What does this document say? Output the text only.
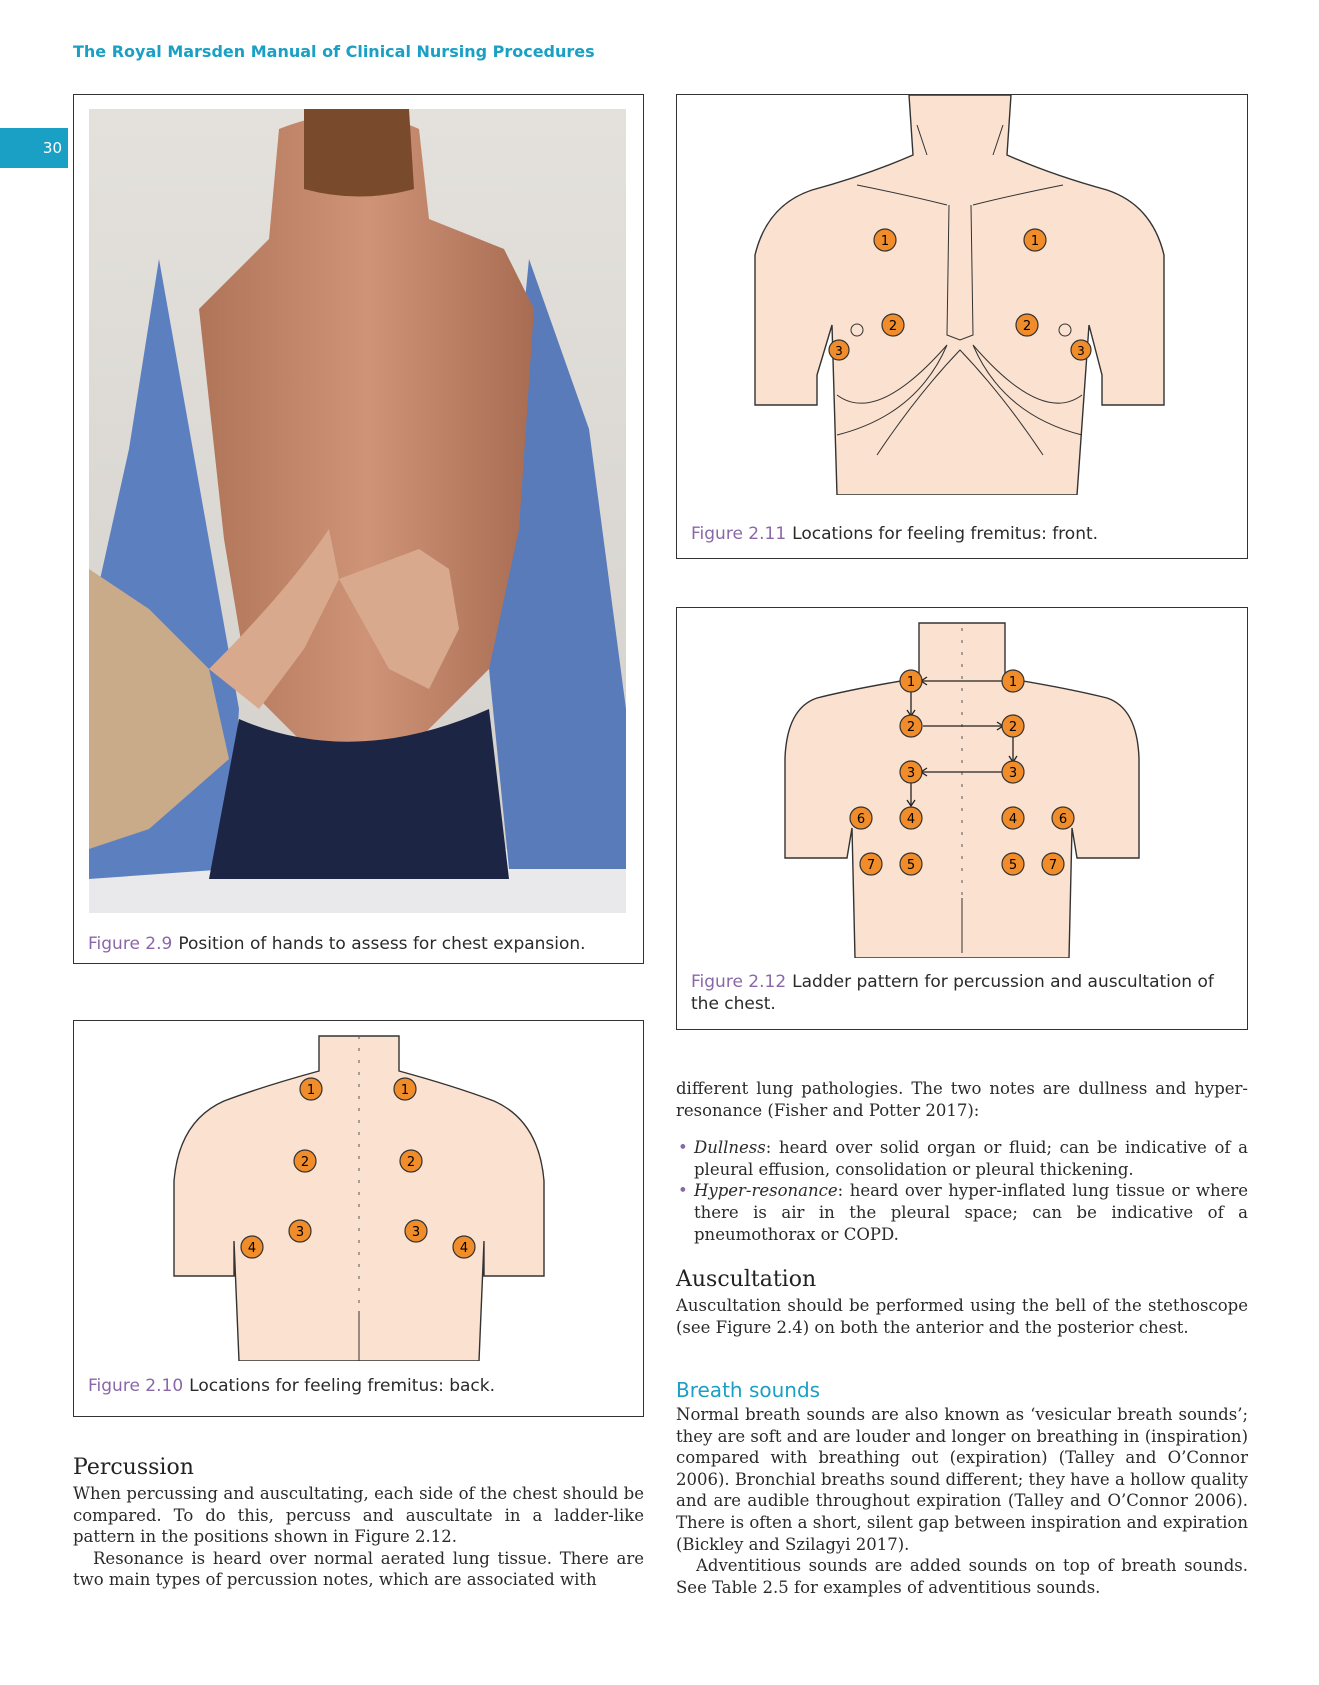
The Royal Marsden Manual of Clinical Nursing Procedures
30
Figure 2.9 Position of hands to assess for chest expansion.
1	1
2	2
3	3
Figure 2.11 Locations for feeling fremitus: front.
1	1
2	2
3	3
4	4
5	5
6	6
7	7
Figure 2.12 Ladder pattern for percussion and auscultation of the chest.
1	1
2	2
3	3
4	4
Figure 2.10 Locations for feeling fremitus: back.
Percussion

When percussing and auscultating, each side of the chest should be compared. To do this, percuss and auscultate in a ladder-like pattern in the positions shown in Figure 2.12.

Resonance is heard over normal aerated lung tissue. There are two main types of percussion notes, which are associated with

different lung pathologies. The two notes are dullness and hyper-resonance (Fisher and Potter 2017):

• Dullness: heard over solid organ or fluid; can be indicative of a pleural effusion, consolidation or pleural thickening.
• Hyper-resonance: heard over hyper-inflated lung tissue or where there is air in the pleural space; can be indicative of a pneumothorax or COPD.
Auscultation

Auscultation should be performed using the bell of the stethoscope (see Figure 2.4) on both the anterior and the posterior chest.

Breath sounds

Normal breath sounds are also known as ‘vesicular breath sounds’; they are soft and are louder and longer on breathing in (inspiration) compared with breathing out (expiration) (Talley and O’Connor 2006). Bronchial breaths sound different; they have a hollow quality and are audible throughout expiration (Talley and O’Connor 2006). There is often a short, silent gap between inspiration and expiration (Bickley and Szilagyi 2017).

Adventitious sounds are added sounds on top of breath sounds. See Table 2.5 for examples of adventitious sounds.
